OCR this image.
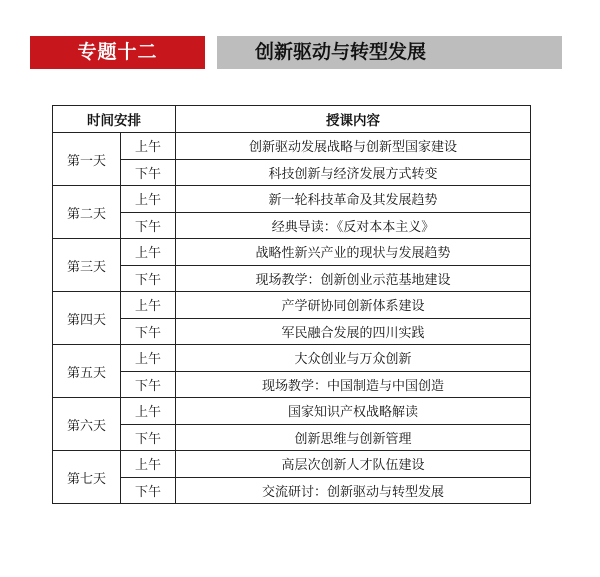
专题十二	创新驱动与转型发展
时间安排		授课内容
第一天	上午	创新驱动发展战略与创新型国家建设
	下午	科技创新与经济发展方式转变
第二天	上午	新一轮科技革命及其发展趋势
	下午	经典导读：《反对本本主义》
第三天	上午	战略性新兴产业的现状与发展趋势
	下午	现场教学：创新创业示范基地建设
第四天	上午	产学研协同创新体系建设
	下午	军民融合发展的四川实践
第五天	上午	大众创业与万众创新
	下午	现场教学：中国制造与中国创造
第六天	上午	国家知识产权战略解读
	下午	创新思维与创新管理
第七天	上午	高层次创新人才队伍建设
	下午	交流研讨：创新驱动与转型发展
